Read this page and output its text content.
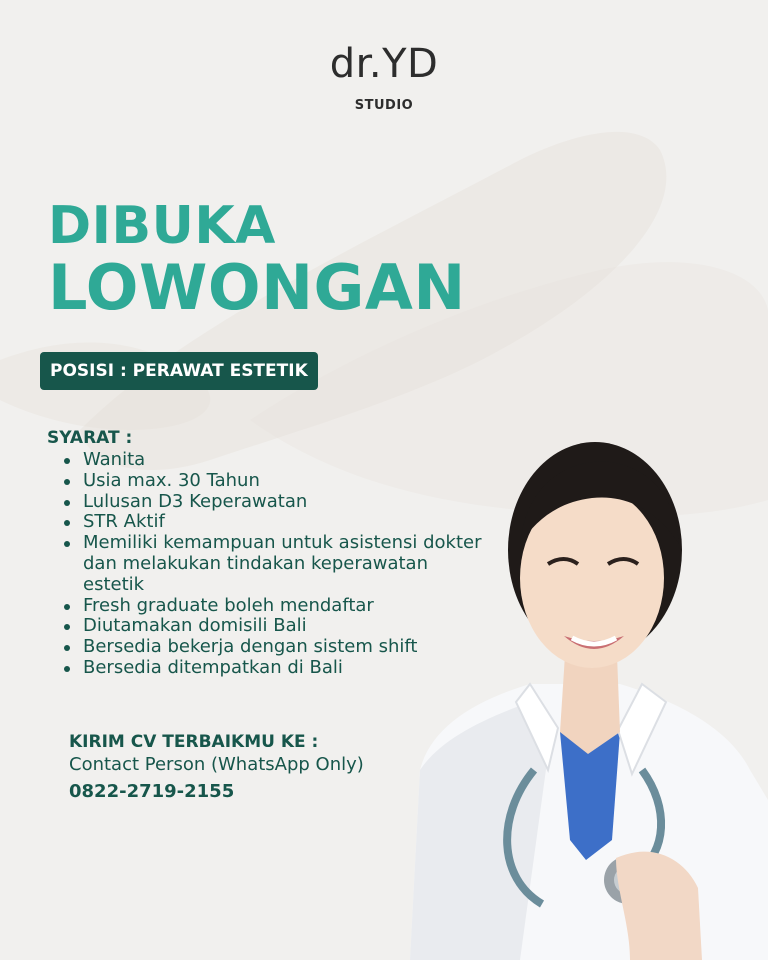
dr.YD
STUDIO
DIBUKA
LOWONGAN
POSISI : PERAWAT ESTETIK
SYARAT :
Wanita
Usia max. 30 Tahun
Lulusan D3 Keperawatan
STR Aktif
Memiliki kemampuan untuk asistensi dokter dan melakukan tindakan keperawatan estetik
Fresh graduate boleh mendaftar
Diutamakan domisili Bali
Bersedia bekerja dengan sistem shift
Bersedia ditempatkan di Bali
KIRIM CV TERBAIKMU KE :
Contact Person (WhatsApp Only)
0822-2719-2155
